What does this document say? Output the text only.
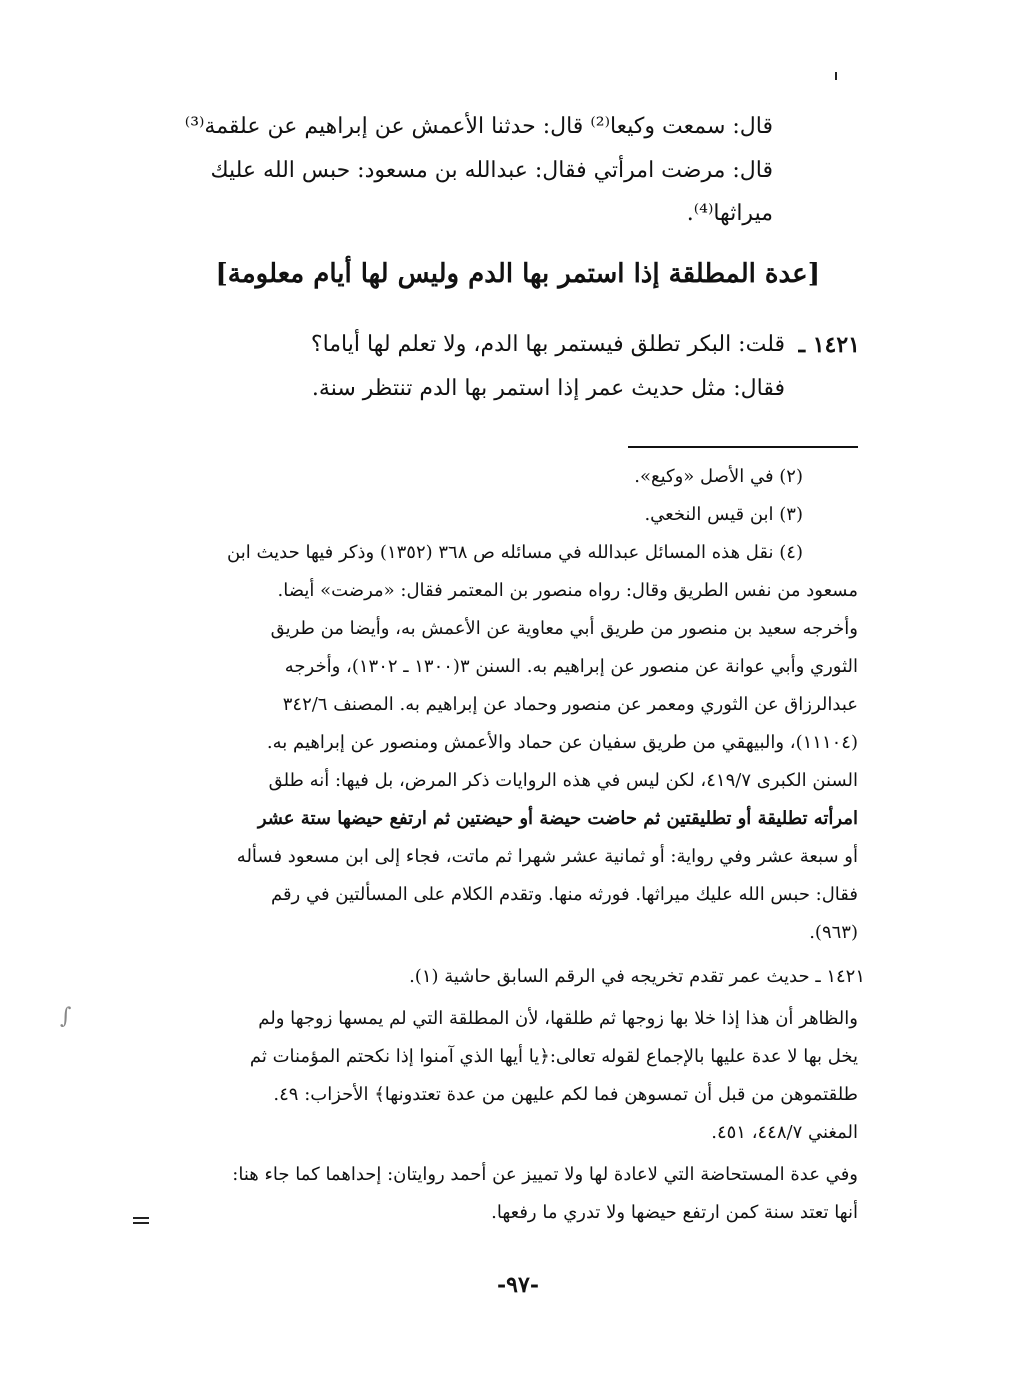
قال: سمعت وكيعا⁽²⁾ قال: حدثنا الأعمش عن إبراهيم عن علقمة⁽³⁾
قال: مرضت امرأتي فقال: عبدالله بن مسعود: حبس الله عليك
ميراثها⁽⁴⁾.
[عدة المطلقة إذا استمر بها الدم وليس لها أيام معلومة]
١٤٢١ ـ
قلت: البكر تطلق فيستمر بها الدم، ولا تعلم لها أياما؟
فقال: مثل حديث عمر إذا استمر بها الدم تنتظر سنة.
(٢) في الأصل «وكيع».
(٣) ابن قيس النخعي.
(٤) نقل هذه المسائل عبدالله في مسائله ص ٣٦٨ (١٣٥٢) وذكر فيها حديث ابن
مسعود من نفس الطريق وقال: رواه منصور بن المعتمر فقال: «مرضت» أيضا.
وأخرجه سعيد بن منصور من طريق أبي معاوية عن الأعمش به، وأيضا من طريق
الثوري وأبي عوانة عن منصور عن إبراهيم به. السنن ٣(١٣٠٠ ـ ١٣٠٢)، وأخرجه
عبدالرزاق عن الثوري ومعمر عن منصور وحماد عن إبراهيم به. المصنف ٣٤٢/٦
(١١١٠٤)، والبيهقي من طريق سفيان عن حماد والأعمش ومنصور عن إبراهيم به.
السنن الكبرى ٤١٩/٧، لكن ليس في هذه الروايات ذكر المرض، بل فيها: أنه طلق
امرأته تطليقة أو تطليقتين ثم حاضت حيضة أو حيضتين ثم ارتفع حيضها ستة عشر
أو سبعة عشر وفي رواية: أو ثمانية عشر شهرا ثم ماتت، فجاء إلى ابن مسعود فسأله
فقال: حبس الله عليك ميراثها. فورثه منها. وتقدم الكلام على المسألتين في رقم
(٩٦٣).
١٤٢١ ـ حديث عمر تقدم تخريجه في الرقم السابق حاشية (١).
والظاهر أن هذا إذا خلا بها زوجها ثم طلقها، لأن المطلقة التي لم يمسها زوجها ولم
يخل بها لا عدة عليها بالإجماع لقوله تعالى:﴿يا أيها الذي آمنوا إذا نكحتم المؤمنات ثم
طلقتموهن من قبل أن تمسوهن فما لكم عليهن من عدة تعتدونها﴾ الأحزاب: ٤٩.
المغني ٤٤٨/٧، ٤٥١.
وفي عدة المستحاضة التي لاعادة لها ولا تمييز عن أحمد روايتان: إحداهما كما جاء هنا:
أنها تعتد سنة كمن ارتفع حيضها ولا تدري ما رفعها.
∫
-٩٧-
